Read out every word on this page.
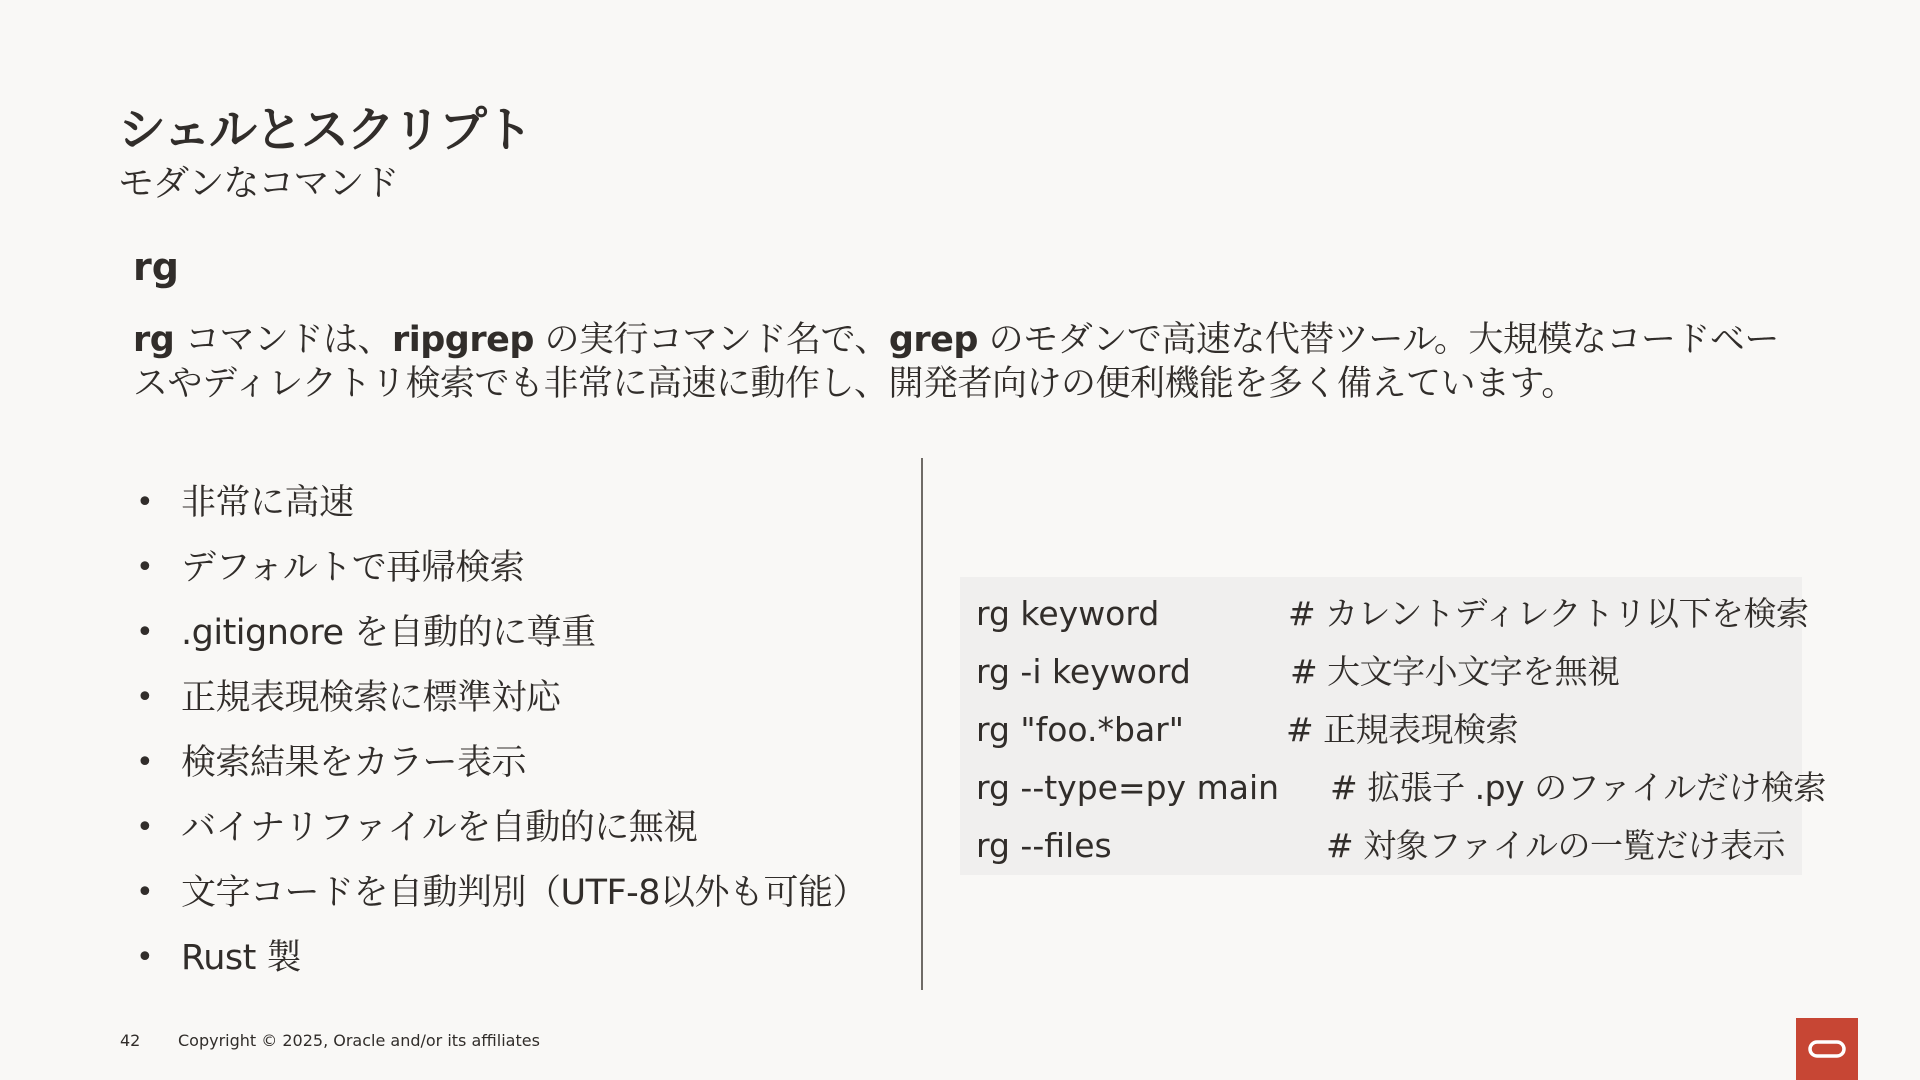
シェルとスクリプト
モダンなコマンド
rg
rg コマンドは、ripgrep の実行コマンド名で、grep のモダンで高速な代替ツール。大規模なコードベースやディレクトリ検索でも非常に高速に動作し、開発者向けの便利機能を多く備えています。
• 非常に高速
• デフォルトで再帰検索
• .gitignore を自動的に尊重
• 正規表現検索に標準対応
• 検索結果をカラー表示
• バイナリファイルを自動的に無視
• 文字コードを自動判別（UTF-8以外も可能）
• Rust 製
rg keyword	# カレントディレクトリ以下を検索
rg -i keyword	# 大文字小文字を無視
rg "foo.*bar"	# 正規表現検索
rg --type=py main # 拡張子 .py のファイルだけ検索
rg --files	# 対象ファイルの一覧だけ表示
42 Copyright © 2025, Oracle and/or its affiliates
